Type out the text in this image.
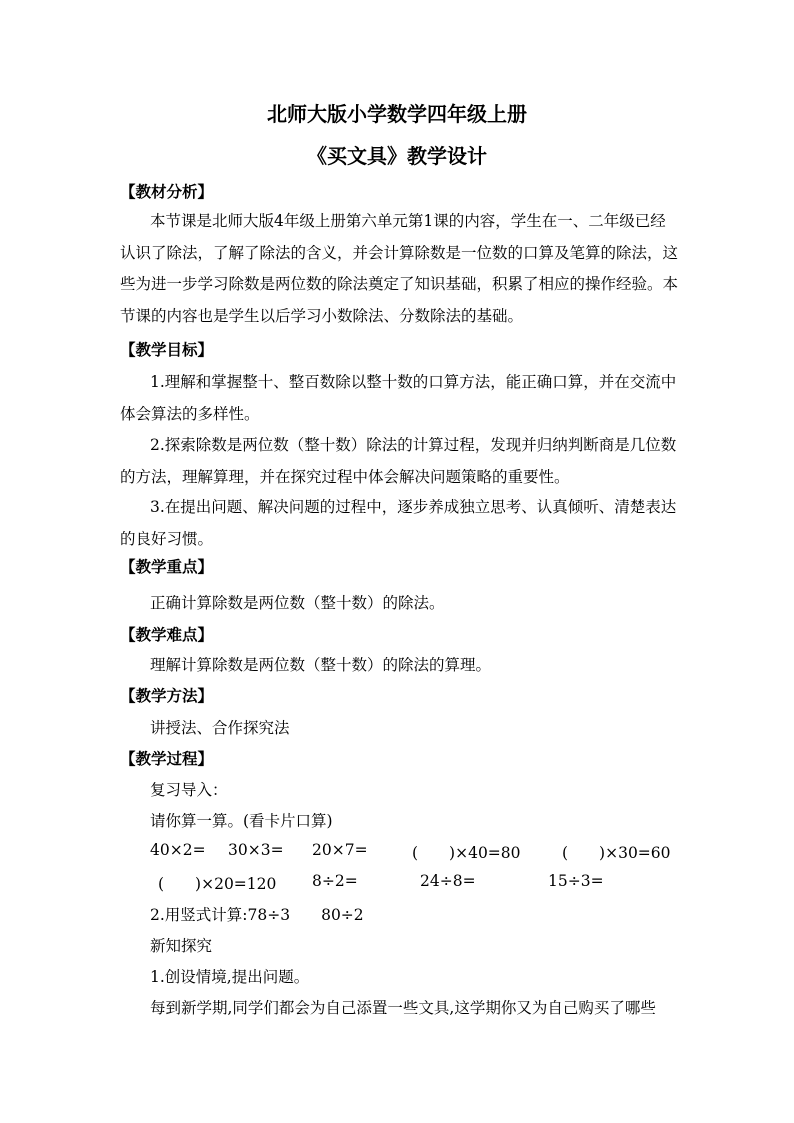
北师大版小学数学四年级上册
《买文具》教学设计
【教材分析】
本节课是北师大版4年级上册第六单元第1课的内容，学生在一、二年级已经认识了除法，了解了除法的含义，并会计算除数是一位数的口算及笔算的除法，这些为进一步学习除数是两位数的除法奠定了知识基础，积累了相应的操作经验。本节课的内容也是学生以后学习小数除法、分数除法的基础。
【教学目标】
1.理解和掌握整十、整百数除以整十数的口算方法，能正确口算，并在交流中体会算法的多样性。
2.探索除数是两位数（整十数）除法的计算过程，发现并归纳判断商是几位数的方法，理解算理，并在探究过程中体会解决问题策略的重要性。
3.在提出问题、解决问题的过程中，逐步养成独立思考、认真倾听、清楚表达的良好习惯。
【教学重点】
正确计算除数是两位数（整十数）的除法。
【教学难点】
理解计算除数是两位数（整十数）的除法的算理。
【教学方法】
讲授法、合作探究法
【教学过程】
复习导入：
请你算一算。(看卡片口算)
40×2= 30×3= 20×7=	(　　)×40=80	(　　)×30=60
(　　)×20=120 8÷2=	24÷8=	15÷3=
2.用竖式计算:78÷3　　80÷2
新知探究
1.创设情境,提出问题。
每到新学期,同学们都会为自己添置一些文具,这学期你又为自己购买了哪些
